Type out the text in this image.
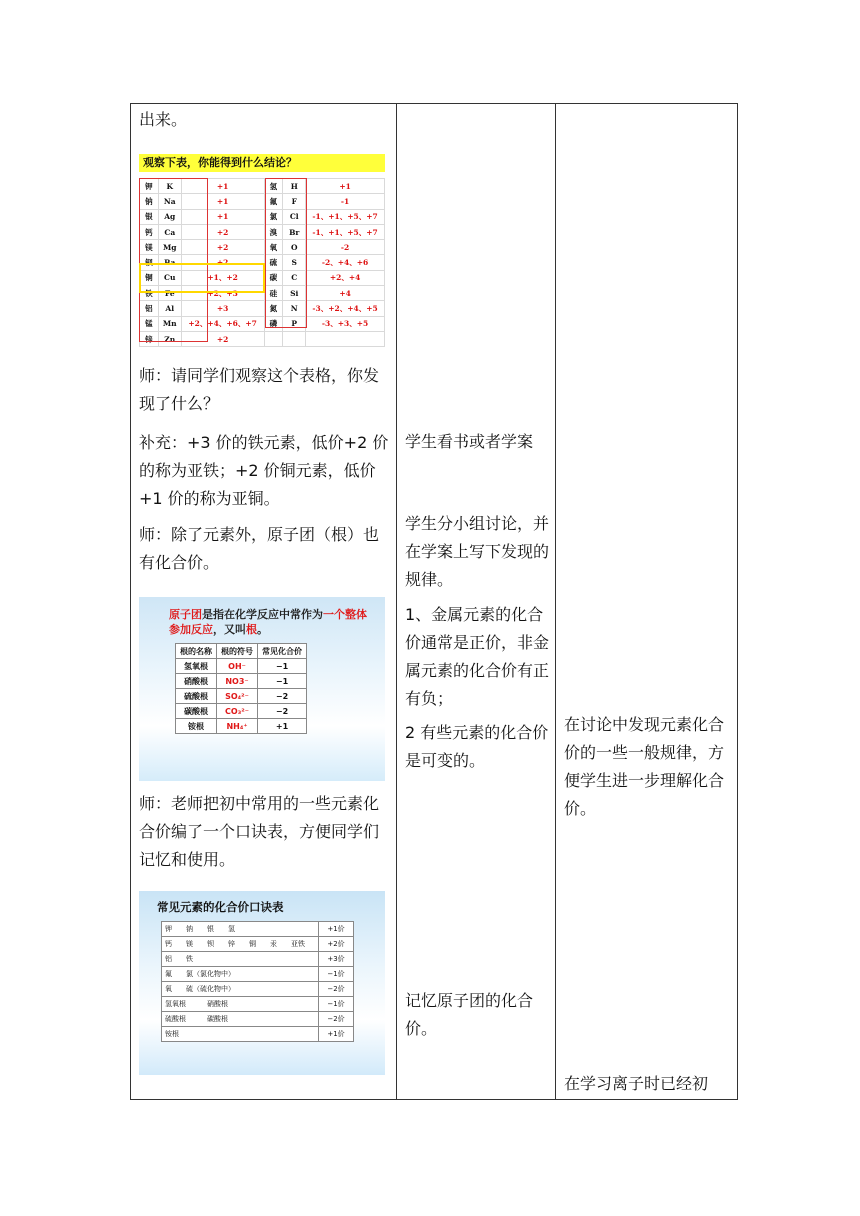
出来。
观察下表，你能得到什么结论？
钾	K	+1	氢	H	+1
钠	Na	+1	氟	F	-1
银	Ag	+1	氯	Cl	-1、+1、+5、+7
钙	Ca	+2	溴	Br	-1、+1、+5、+7
镁	Mg	+2	氧	O	-2
钡	Ba	+2	硫	S	-2、+4、+6
铜	Cu	+1、+2	碳	C	+2、+4
铁	Fe	+2、+3	硅	Si	+4
铝	Al	+3	氮	N	-3、+2、+4、+5
锰	Mn	+2、+4、+6、+7	磷	P	-3、+3、+5
锌	Zn	+2			
师：请同学们观察这个表格，你发现了什么？
补充：+3 价的铁元素，低价+2 价的称为亚铁；+2 价铜元素，低价+1 价的称为亚铜。
师：除了元素外，原子团（根）也有化合价。
原子团是指在化学反应中常作为一个整体参加反应，又叫根。
根的名称	根的符号	常见化合价
氢氧根	OH⁻	−1
硝酸根	NO3⁻	−1
硫酸根	SO₄²⁻	−2
碳酸根	CO₃²⁻	−2
铵根	NH₄⁺	+1
师：老师把初中常用的一些元素化合价编了一个口诀表，方便同学们记忆和使用。
常见元素的化合价口诀表
钾　　钠　　银　　氢	+1价
钙　　镁　　钡　　锌　　铜　　汞　　亚铁	+2价
铝　　铁	+3价
氟　　氯（氯化物中）	−1价
氧　　硫（硫化物中）	−2价
氢氧根　　　硝酸根	−1价
硫酸根　　　碳酸根	−2价
铵根	+1价
学生看书或者学案
学生分小组讨论，并在学案上写下发现的规律。
1、金属元素的化合价通常是正价，非金属元素的化合价有正有负；
2 有些元素的化合价是可变的。
记忆原子团的化合价。
在讨论中发现元素化合价的一些一般规律，方便学生进一步理解化合价。
在学习离子时已经初
